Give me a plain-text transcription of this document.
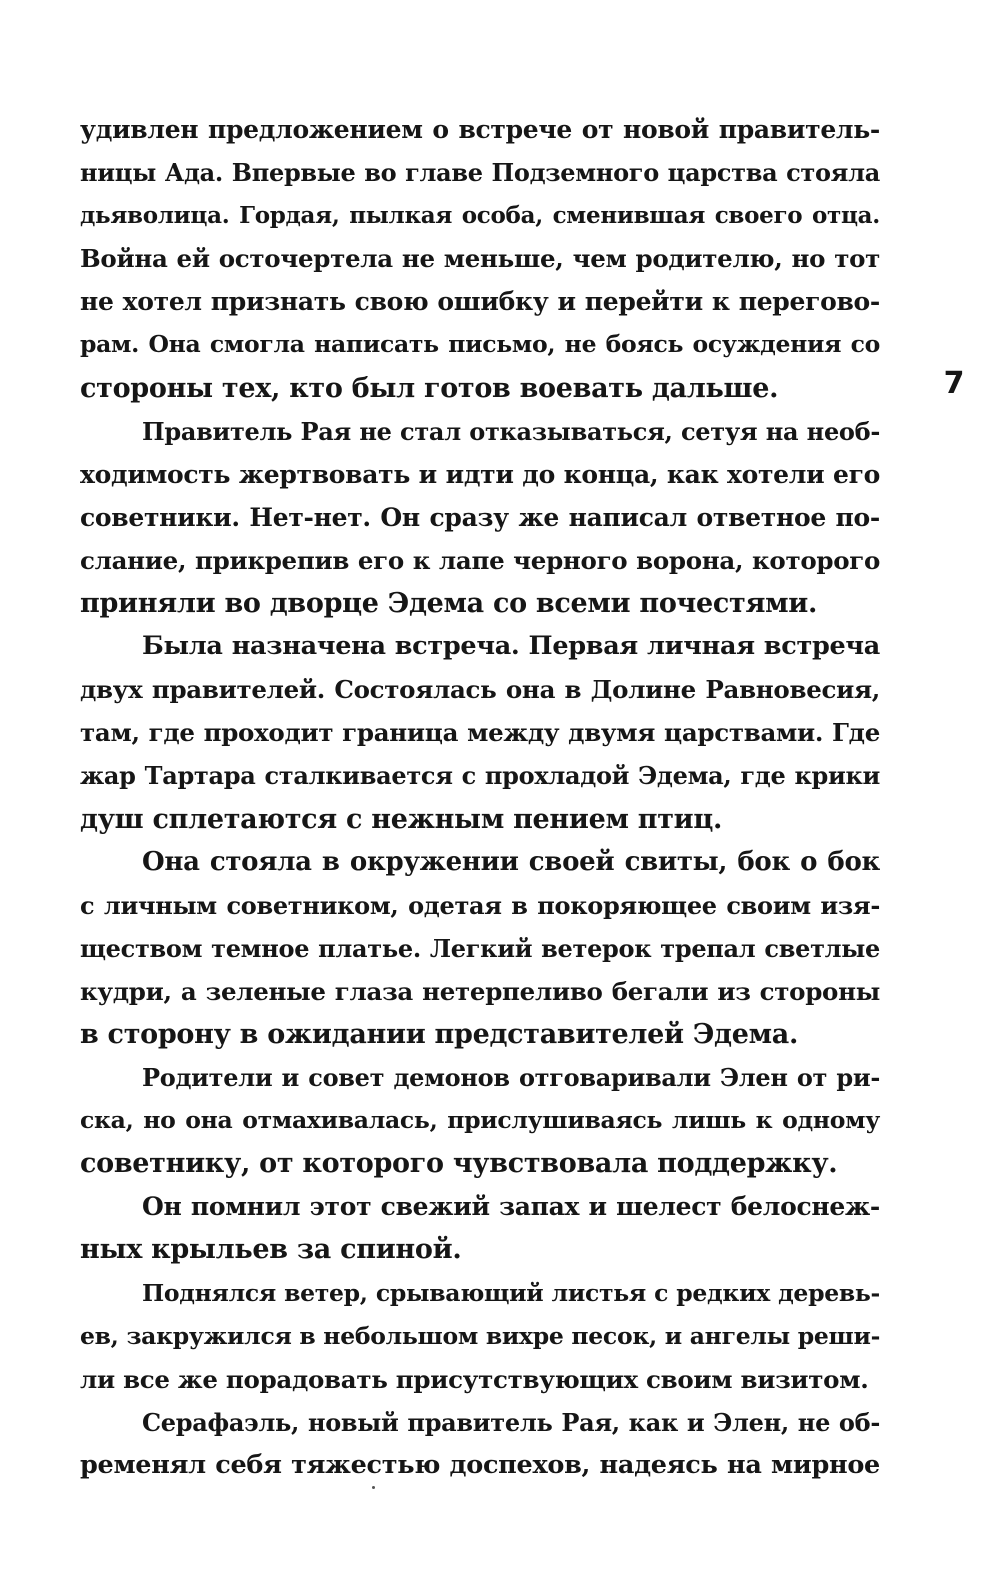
удивлен предложением о встрече от новой правитель-
ницы Ада. Впервые во главе Подземного царства стояла
дьяволица. Гордая, пылкая особа, сменившая своего отца.
Война ей осточертела не меньше, чем родителю, но тот
не хотел признать свою ошибку и перейти к перегово-
рам. Она смогла написать письмо, не боясь осуждения со
стороны тех, кто был готов воевать дальше.
Правитель Рая не стал отказываться, сетуя на необ-
ходимость жертвовать и идти до конца, как хотели его
советники. Нет-нет. Он сразу же написал ответное по-
слание, прикрепив его к лапе черного ворона, которого
приняли во дворце Эдема со всеми почестями.
Была назначена встреча. Первая личная встреча
двух правителей. Состоялась она в Долине Равновесия,
там, где проходит граница между двумя царствами. Где
жар Тартара сталкивается с прохладой Эдема, где крики
душ сплетаются с нежным пением птиц.
Она стояла в окружении своей свиты, бок о бок
с личным советником, одетая в покоряющее своим изя-
ществом темное платье. Легкий ветерок трепал светлые
кудри, а зеленые глаза нетерпеливо бегали из стороны
в сторону в ожидании представителей Эдема.
Родители и совет демонов отговаривали Элен от ри-
ска, но она отмахивалась, прислушиваясь лишь к одному
советнику, от которого чувствовала поддержку.
Он помнил этот свежий запах и шелест белоснеж-
ных крыльев за спиной.
Поднялся ветер, срывающий листья с редких деревь-
ев, закружился в небольшом вихре песок, и ангелы реши-
ли все же порадовать присутствующих своим визитом.
Серафаэль, новый правитель Рая, как и Элен, не об-
ременял себя тяжестью доспехов, надеясь на мирное
7
